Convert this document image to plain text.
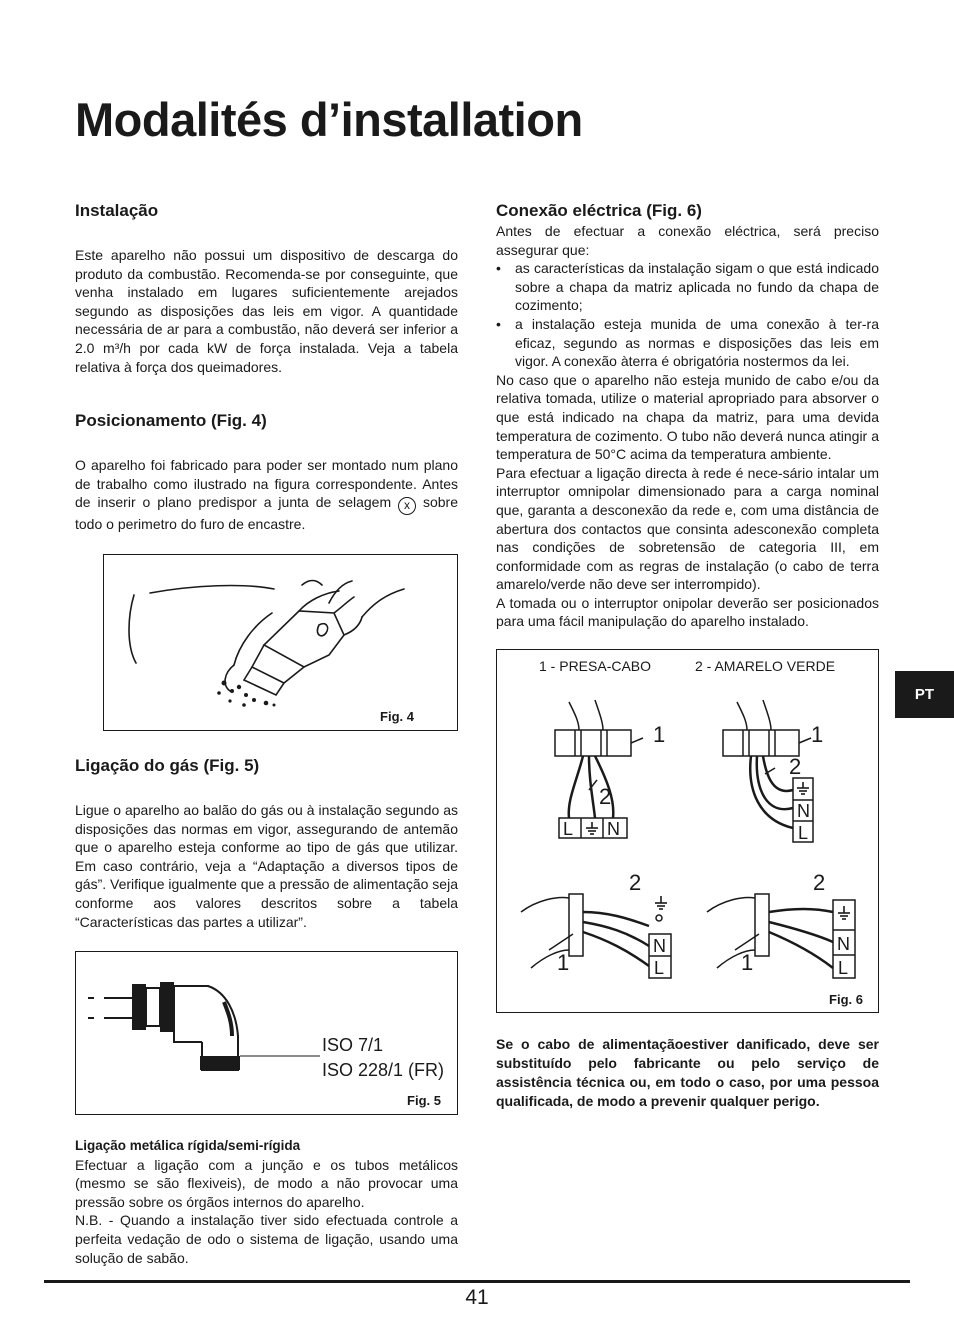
Modalités d’installation
Instalação

Este aparelho não possui um dispositivo de descarga do produto da combustão. Recomenda-se por conseguinte, que venha instalado em lugares suficientemente arejados segundo as disposições das leis em vigor. A quantidade necessária de ar para a combustão, não deverá ser inferior a 2.0 m³/h por cada kW de força instalada. Veja a tabela relativa à força dos queimadores.

Posicionamento (Fig. 4)

O aparelho foi fabricado para poder ser montado num plano de trabalho como ilustrado na figura correspondente. Antes de inserir o plano predispor a junta de selagem x sobre todo o perimetro do furo de encastre.

Fig. 4
Ligação do gás (Fig. 5)

Ligue o aparelho ao balão do gás ou à instalação segundo as disposições das normas em vigor, assegurando de antemão que o aparelho esteja conforme ao tipo de gás que utilizar. Em caso contrário, veja a “Adaptação a diversos tipos de gás”. Verifique igualmente que a pressão de alimentação seja conforme aos valores descritos sobre a tabela “Características das partes a utilizar”.

ISO 7/1
ISO 228/1 (FR)
Fig. 5
Ligação metálica rígida/semi-rígida

Efectuar a ligação com a junção e os tubos metálicos (mesmo se são flexiveis), de modo a não provocar uma pressão sobre os órgãos internos do aparelho.

N.B. - Quando a instalação tiver sido efectuada controle a perfeita vedação de odo o sistema de ligação, usando uma solução de sabão.

Conexão eléctrica (Fig. 6)

Antes de efectuar a conexão eléctrica, será preciso assegurar que:

• as características da instalação sigam o que está indicado sobre a chapa da matriz aplicada no fundo da chapa de cozimento;
• a instalação esteja munida de uma conexão à ter-ra eficaz, segundo as normas e disposições das leis em vigor. A conexão àterra é obrigatória nostermos da lei.

No caso que o aparelho não esteja munido de cabo e/ou da relativa tomada, utilize o material apropriado para absorver o que está indicado na chapa da matriz, para uma devida temperatura de cozimento. O tubo não deverá nunca atingir a temperatura de 50°C acima da temperatura ambiente.

Para efectuar a ligação directa à rede é nece-sário intalar um interruptor omnipolar dimensionado para a carga nominal que, garanta a desconexão da rede e, com uma distância de abertura dos contactos que consinta adesconexão completa nas condições de sobretensão de categoria III, em conformidade com as regras de instalação (o cabo de terra amarelo/verde não deve ser interrompido).

A tomada ou o interruptor onipolar deverão ser posicionados para uma fácil manipulação do aparelho instalado.

1 - PRESA-CABO	2 - AMARELO VERDE
1
2
L N
1
2
N
L
2
N
L
1
2
N
L
1
Fig. 6

Se o cabo de alimentaçãoestiver danificado, deve ser substituído pelo fabricante ou pelo serviço de assistência técnica ou, em todo o caso, por uma pessoa qualificada, de modo a prevenir qualquer perigo.

PT
41
